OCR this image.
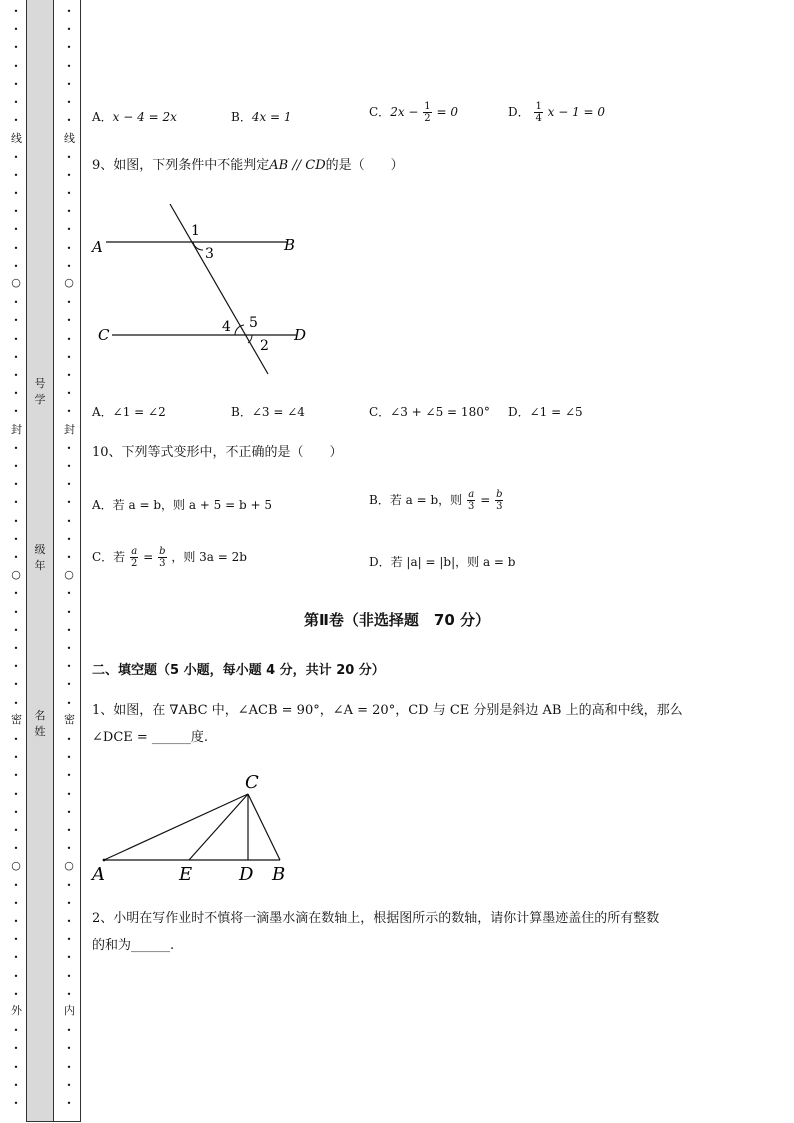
•
•
•
•
•
•
•
•
•
•
•
•
•
•
•
•
•
•
•
•
•
•
•
•
•
•
•
•
•
•
•
•
•
•
•
•
•
•
•
•
•
•
•
•
•
•
•
•
•
•
•
•
•
•
线
○
封
○
密
○
外
•
•
•
•
•
•
•
•
•
•
•
•
•
•
•
•
•
•
•
•
•
•
•
•
•
•
•
•
•
•
•
•
•
•
•
•
•
•
•
•
•
•
•
•
•
•
•
•
•
•
•
•
•
•
线
○
封
○
密
○
内
号学
级年
名姓
A．x − 4 = 2x	B．4x = 1	C．$2x - \frac{1}{2} = 0$	D． $\frac{1}{4}$ x − 1 = 0
9、如图，下列条件中不能判定AB // CD的是（　　）
A	B
C	D
1
3
4 5
2
A．∠1 = ∠2	B．∠3 = ∠4	C．∠3 + ∠5 = 180° D．∠1 = ∠5
10、下列等式变形中，不正确的是（　　）
A．若 a = b，则 a + 5 = b + 5	B．若 a = b，则 $\frac{a}{3} = \frac{b}{3}$
C．若 $\frac{a}{2} = \frac{b}{3}$ ，则 3a = 2b	D．若 |a| = |b|，则 a = b
第Ⅱ卷（非选择题　70 分）
二、填空题（5 小题，每小题 4 分，共计 20 分）
1、如图，在 ∇ABC 中，∠ACB = 90°，∠A = 20°，CD 与 CE 分别是斜边 AB 上的高和中线，那么
∠DCE = ______度.
C
A	E	D B
2、小明在写作业时不慎将一滴墨水滴在数轴上，根据图所示的数轴，请你计算墨迹盖住的所有整数
的和为______.
